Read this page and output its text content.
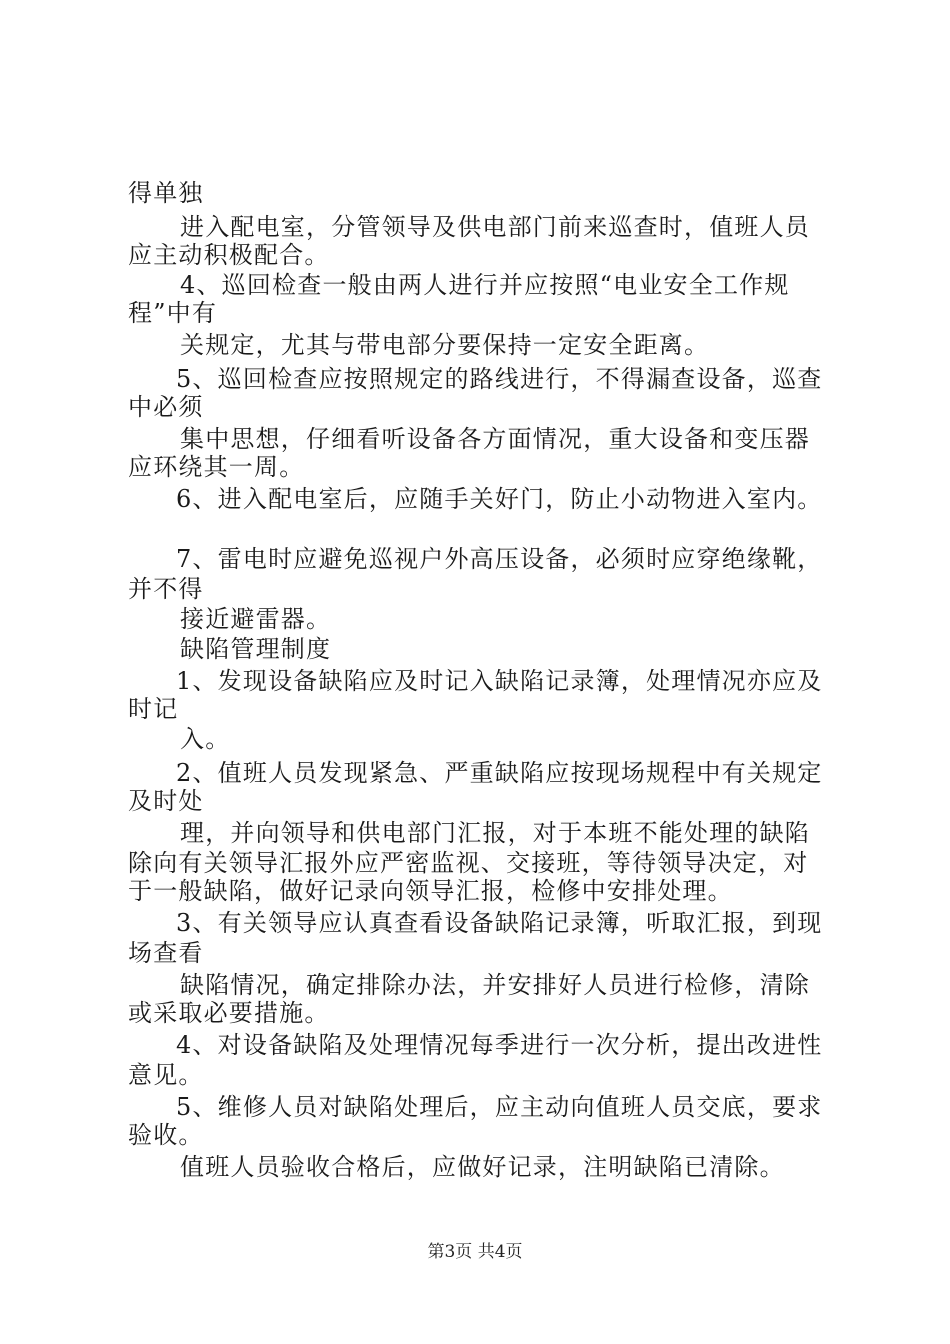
得单独

进入配电室，分管领导及供电部门前来巡查时，值班人员

应主动积极配合。

4、巡回检查一般由两人进行并应按照“电业安全工作规

程”中有

关规定，尤其与带电部分要保持一定安全距离。

5、巡回检查应按照规定的路线进行，不得漏查设备，巡查

中必须

集中思想，仔细看听设备各方面情况，重大设备和变压器

应环绕其一周。

6、进入配电室后，应随手关好门，防止小动物进入室内。

7、雷电时应避免巡视户外高压设备，必须时应穿绝缘靴，

并不得

接近避雷器。

缺陷管理制度

1、发现设备缺陷应及时记入缺陷记录簿，处理情况亦应及

时记

入。

2、值班人员发现紧急、严重缺陷应按现场规程中有关规定

及时处

理，并向领导和供电部门汇报，对于本班不能处理的缺陷

除向有关领导汇报外应严密监视、交接班，等待领导决定，对

于一般缺陷，做好记录向领导汇报，检修中安排处理。

3、有关领导应认真查看设备缺陷记录簿，听取汇报，到现

场查看

缺陷情况，确定排除办法，并安排好人员进行检修，清除

或采取必要措施。

4、对设备缺陷及处理情况每季进行一次分析，提出改进性

意见。

5、维修人员对缺陷处理后，应主动向值班人员交底，要求

验收。

值班人员验收合格后，应做好记录，注明缺陷已清除。

第3页 共4页
